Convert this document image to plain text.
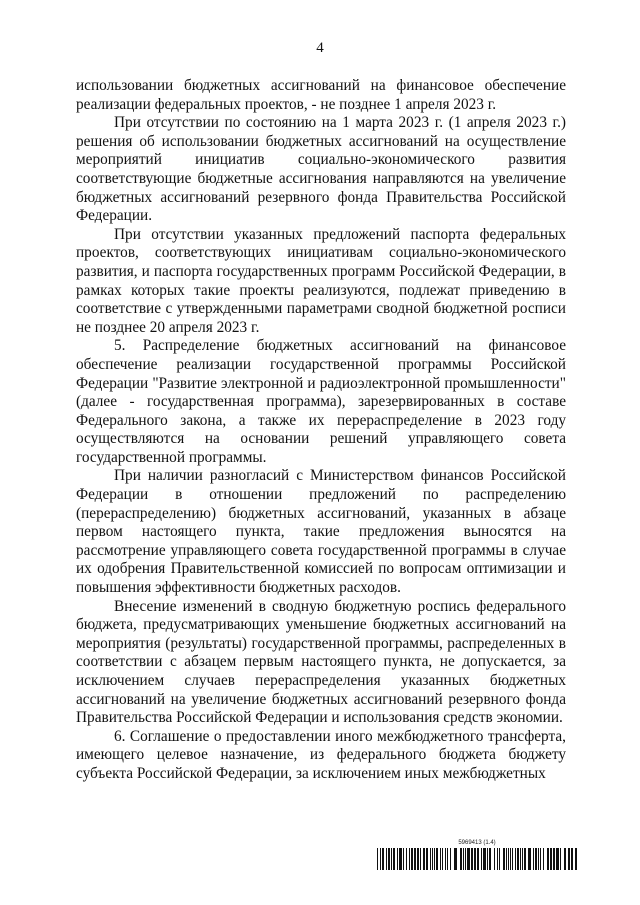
4

использовании бюджетных ассигнований на финансовое обеспечение реализации федеральных проектов, - не позднее 1 апреля 2023 г.

При отсутствии по состоянию на 1 марта 2023 г. (1 апреля 2023 г.) решения об использовании бюджетных ассигнований на осуществление мероприятий инициатив социально-экономического развития соответствующие бюджетные ассигнования направляются на увеличение бюджетных ассигнований резервного фонда Правительства Российской Федерации.

При отсутствии указанных предложений паспорта федеральных проектов, соответствующих инициативам социально-экономического развития, и паспорта государственных программ Российской Федерации, в рамках которых такие проекты реализуются, подлежат приведению в соответствие с утвержденными параметрами сводной бюджетной росписи не позднее 20 апреля 2023 г.

5. Распределение бюджетных ассигнований на финансовое обеспечение реализации государственной программы Российской Федерации "Развитие электронной и радиоэлектронной промышленности" (далее - государственная программа), зарезервированных в составе Федерального закона, а также их перераспределение в 2023 году осуществляются на основании решений управляющего совета государственной программы.

При наличии разногласий с Министерством финансов Российской Федерации в отношении предложений по распределению (перераспределению) бюджетных ассигнований, указанных в абзаце первом настоящего пункта, такие предложения выносятся на рассмотрение управляющего совета государственной программы в случае их одобрения Правительственной комиссией по вопросам оптимизации и повышения эффективности бюджетных расходов.

Внесение изменений в сводную бюджетную роспись федерального бюджета, предусматривающих уменьшение бюджетных ассигнований на мероприятия (результаты) государственной программы, распределенных в соответствии с абзацем первым настоящего пункта, не допускается, за исключением случаев перераспределения указанных бюджетных ассигнований на увеличение бюджетных ассигнований резервного фонда Правительства Российской Федерации и использования средств экономии.

6. Соглашение о предоставлении иного межбюджетного трансферта, имеющего целевое назначение, из федерального бюджета бюджету субъекта Российской Федерации, за исключением иных межбюджетных

5969413 (1.4)
